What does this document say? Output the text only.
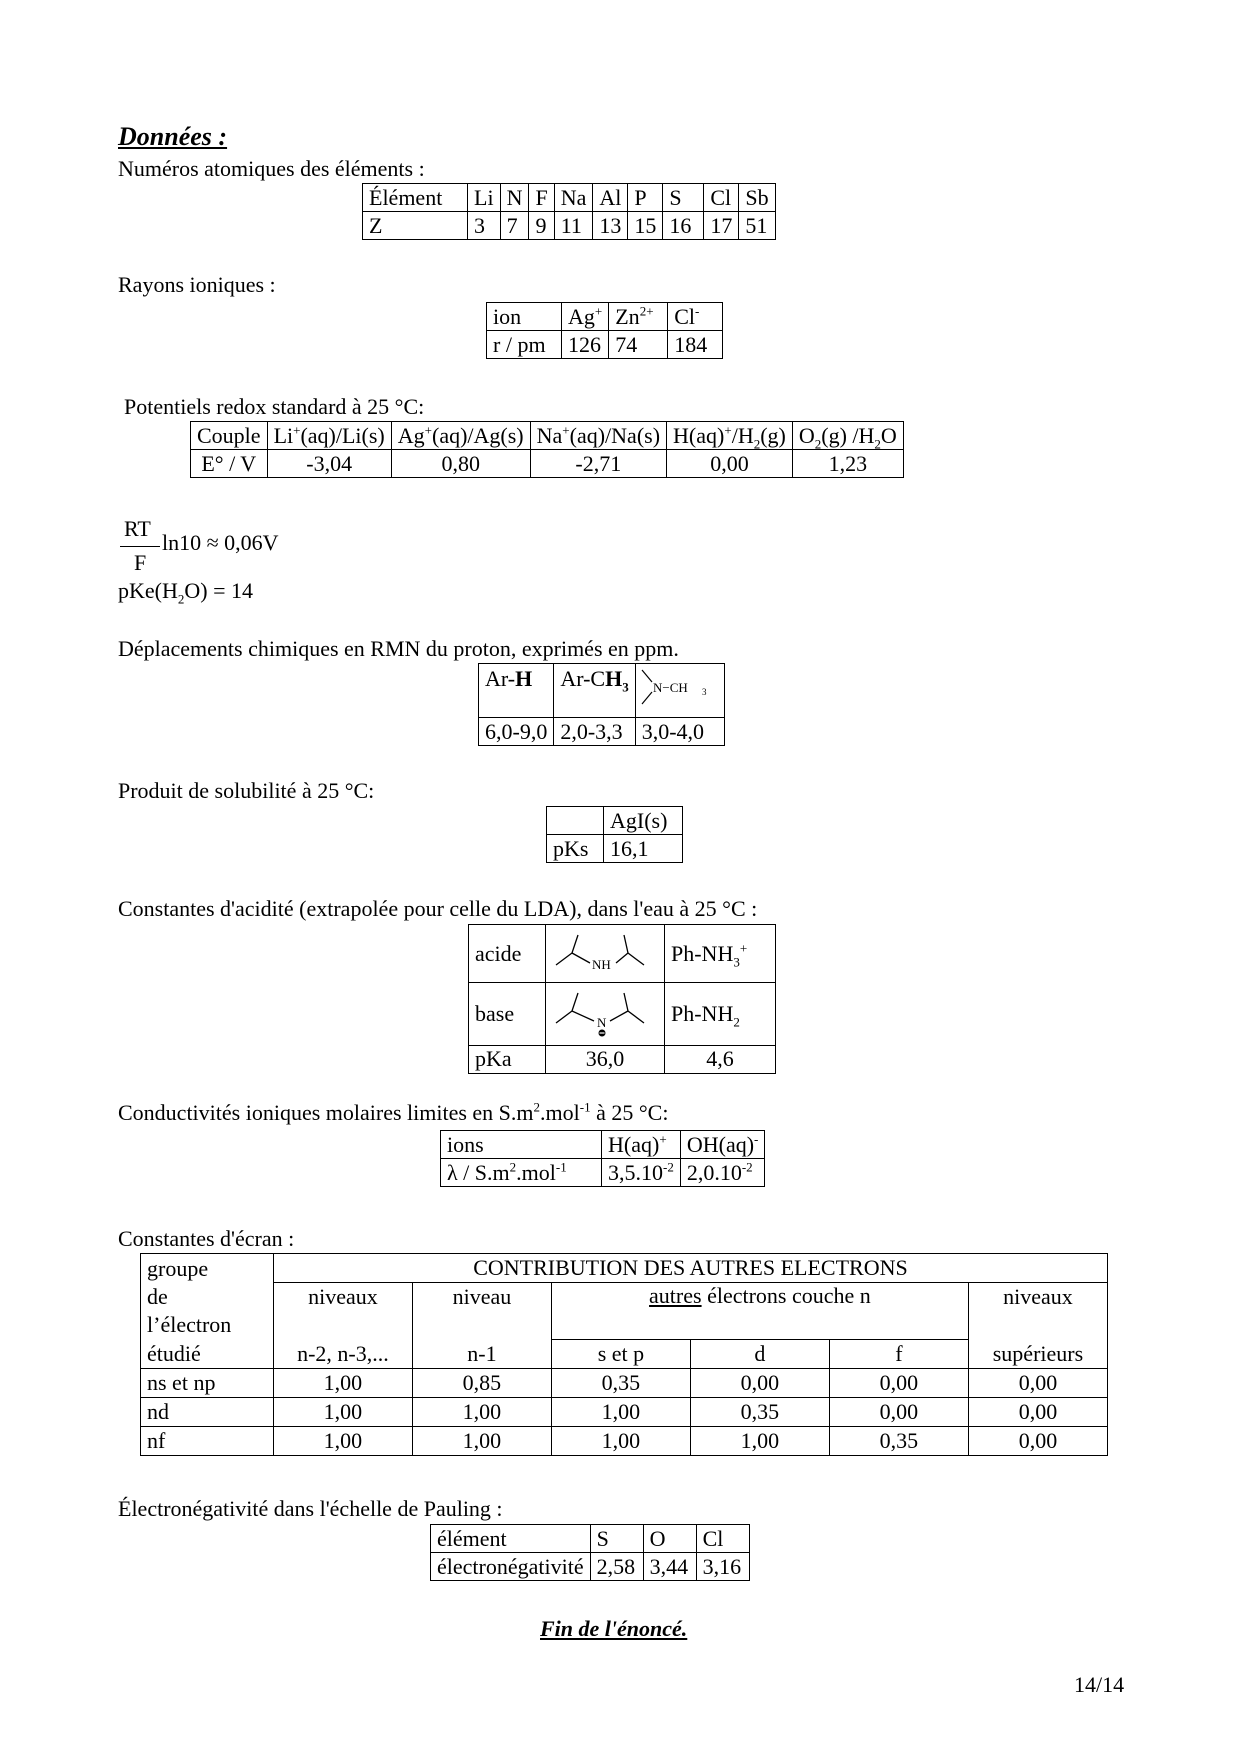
Données :
Numéros atomiques des éléments :
Élément	Li	N	F	Na	Al	P	S	Cl	Sb
Z	3	7	9	11	13	15	16	17	51
Rayons ioniques :
ion	Ag+	$Zn^{2+}$	Cl-
r / pm	126	74	184
Potentiels redox standard à 25 °C:
Couple	Li+(aq)/Li(s)	Ag+(aq)/Ag(s)	Na+(aq)/Na(s)	$H(aq)^+/H_2(g)$	$O_2(g)$ $/H_2O$
E° / V	-3,04	0,80	-2,71	0,00	1,23
RT
F
ln10 ≈ 0,06V
$pKe(H_2O) = 14$
Déplacements chimiques en RMN du proton, exprimés en ppm.
Ar-H	$Ar-CH_3$	N−CH 3

6,0-9,0	2,0-3,3	3,0-4,0
Produit de solubilité à 25 °C:
	AgI(s)
pKs	16,1
Constantes d'acidité (extrapolée pour celle du LDA), dans l'eau à 25 °C :
acide	NH	$Ph-NH_3^+$
base	N	$Ph-NH_2$
pKa	36,0	4,6
Conductivités ioniques molaires limites en $S.m^2.mol^{-1}$ à 25 °C:
ions	H(aq)+	OH(aq)-
λ / $S.m^2.mol^{-1}$	$3,5.10^{-2}$	$2,0.10^{-2}$
Constantes d'écran :
groupe	CONTRIBUTION DES AUTRES ELECTRONS					
de	niveaux	niveau	autres électrons couche n			niveaux
l’électron						
étudié	n-2, n-3,...	n-1	s et p	d	f	supérieurs
ns et np	1,00	0,85	0,35	0,00	0,00	0,00
nd	1,00	1,00	1,00	0,35	0,00	0,00
nf	1,00	1,00	1,00	1,00	0,35	0,00
Électronégativité dans l'échelle de Pauling :
élément	S	O	Cl
électronégativité	2,58	3,44	3,16
Fin de l'énoncé.
14/14
